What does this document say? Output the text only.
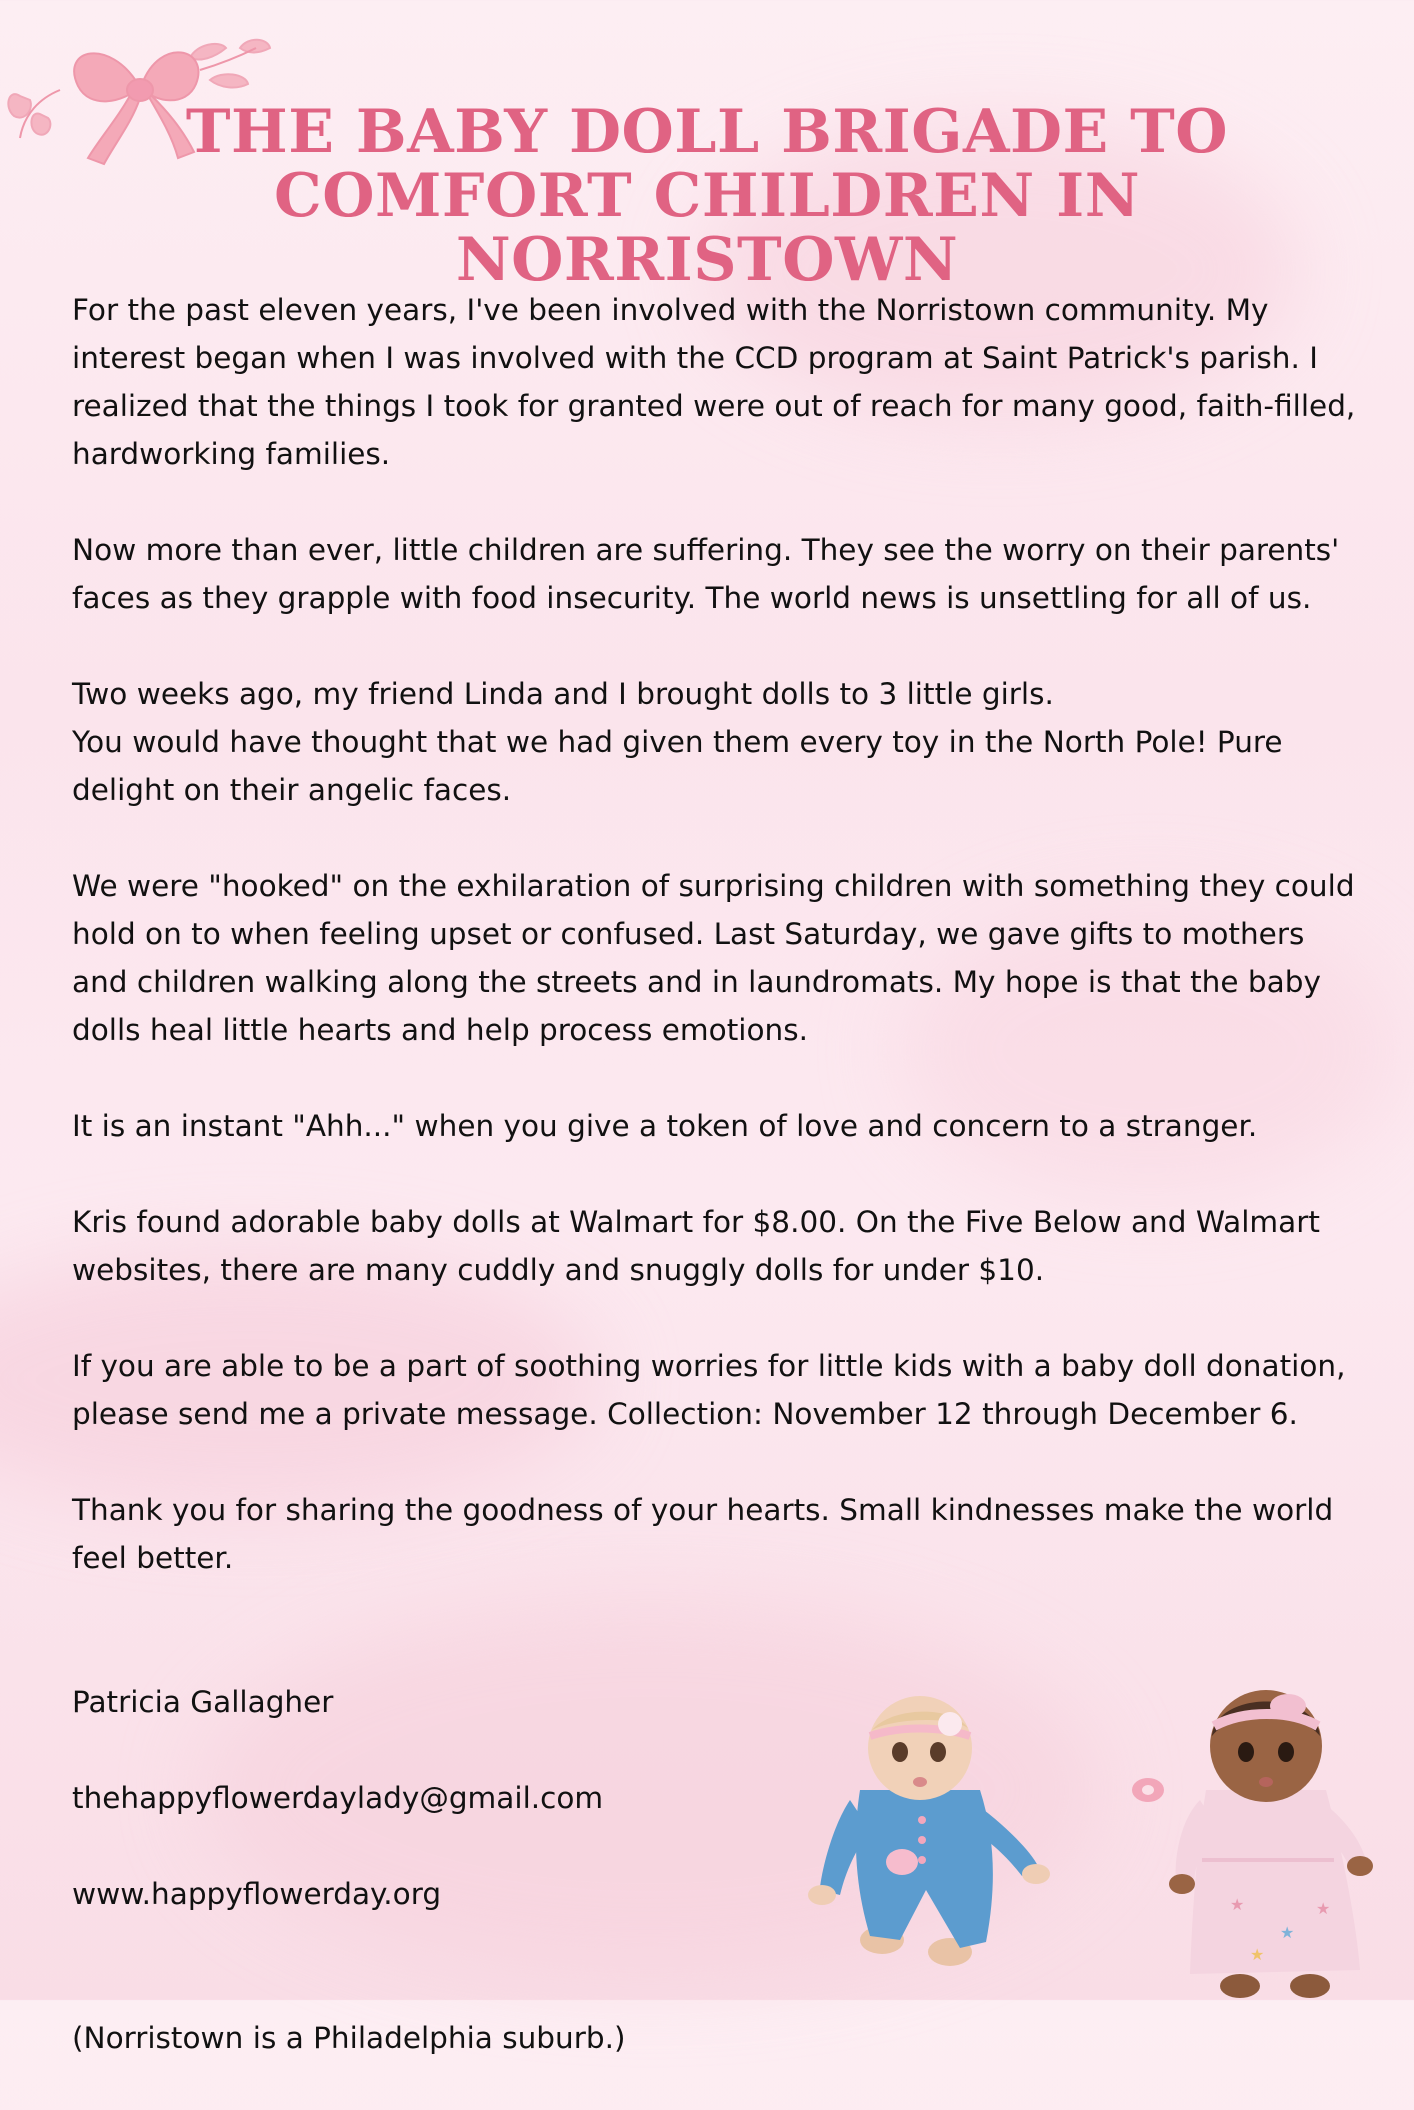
THE BABY DOLL BRIGADE TO
COMFORT CHILDREN IN NORRISTOWN

For the past eleven years, I've been involved with the Norristown community. My interest began when I was involved with the CCD program at Saint Patrick's parish. I realized that the things I took for granted were out of reach for many good, faith-filled, hardworking families.

Now more than ever, little children are suffering. They see the worry on their parents' faces as they grapple with food insecurity. The world news is unsettling for all of us.

Two weeks ago, my friend Linda and I brought dolls to 3 little girls.
You would have thought that we had given them every toy in the North Pole! Pure delight on their angelic faces.

We were "hooked" on the exhilaration of surprising children with something they could hold on to when feeling upset or confused. Last Saturday, we gave gifts to mothers and children walking along the streets and in laundromats. My hope is that the baby dolls heal little hearts and help process emotions.

It is an instant "Ahh..." when you give a token of love and concern to a stranger.

Kris found adorable baby dolls at Walmart for $8.00. On the Five Below and Walmart websites, there are many cuddly and snuggly dolls for under $10.

If you are able to be a part of soothing worries for little kids with a baby doll donation, please send me a private message. Collection: November 12 through December 6.

Thank you for sharing the goodness of your hearts. Small kindnesses make the world feel better.

Patricia Gallagher

thehappyflowerdaylady@gmail.com

www.happyflowerday.org

(Norristown is a Philadelphia suburb.)

★
★
★
★
